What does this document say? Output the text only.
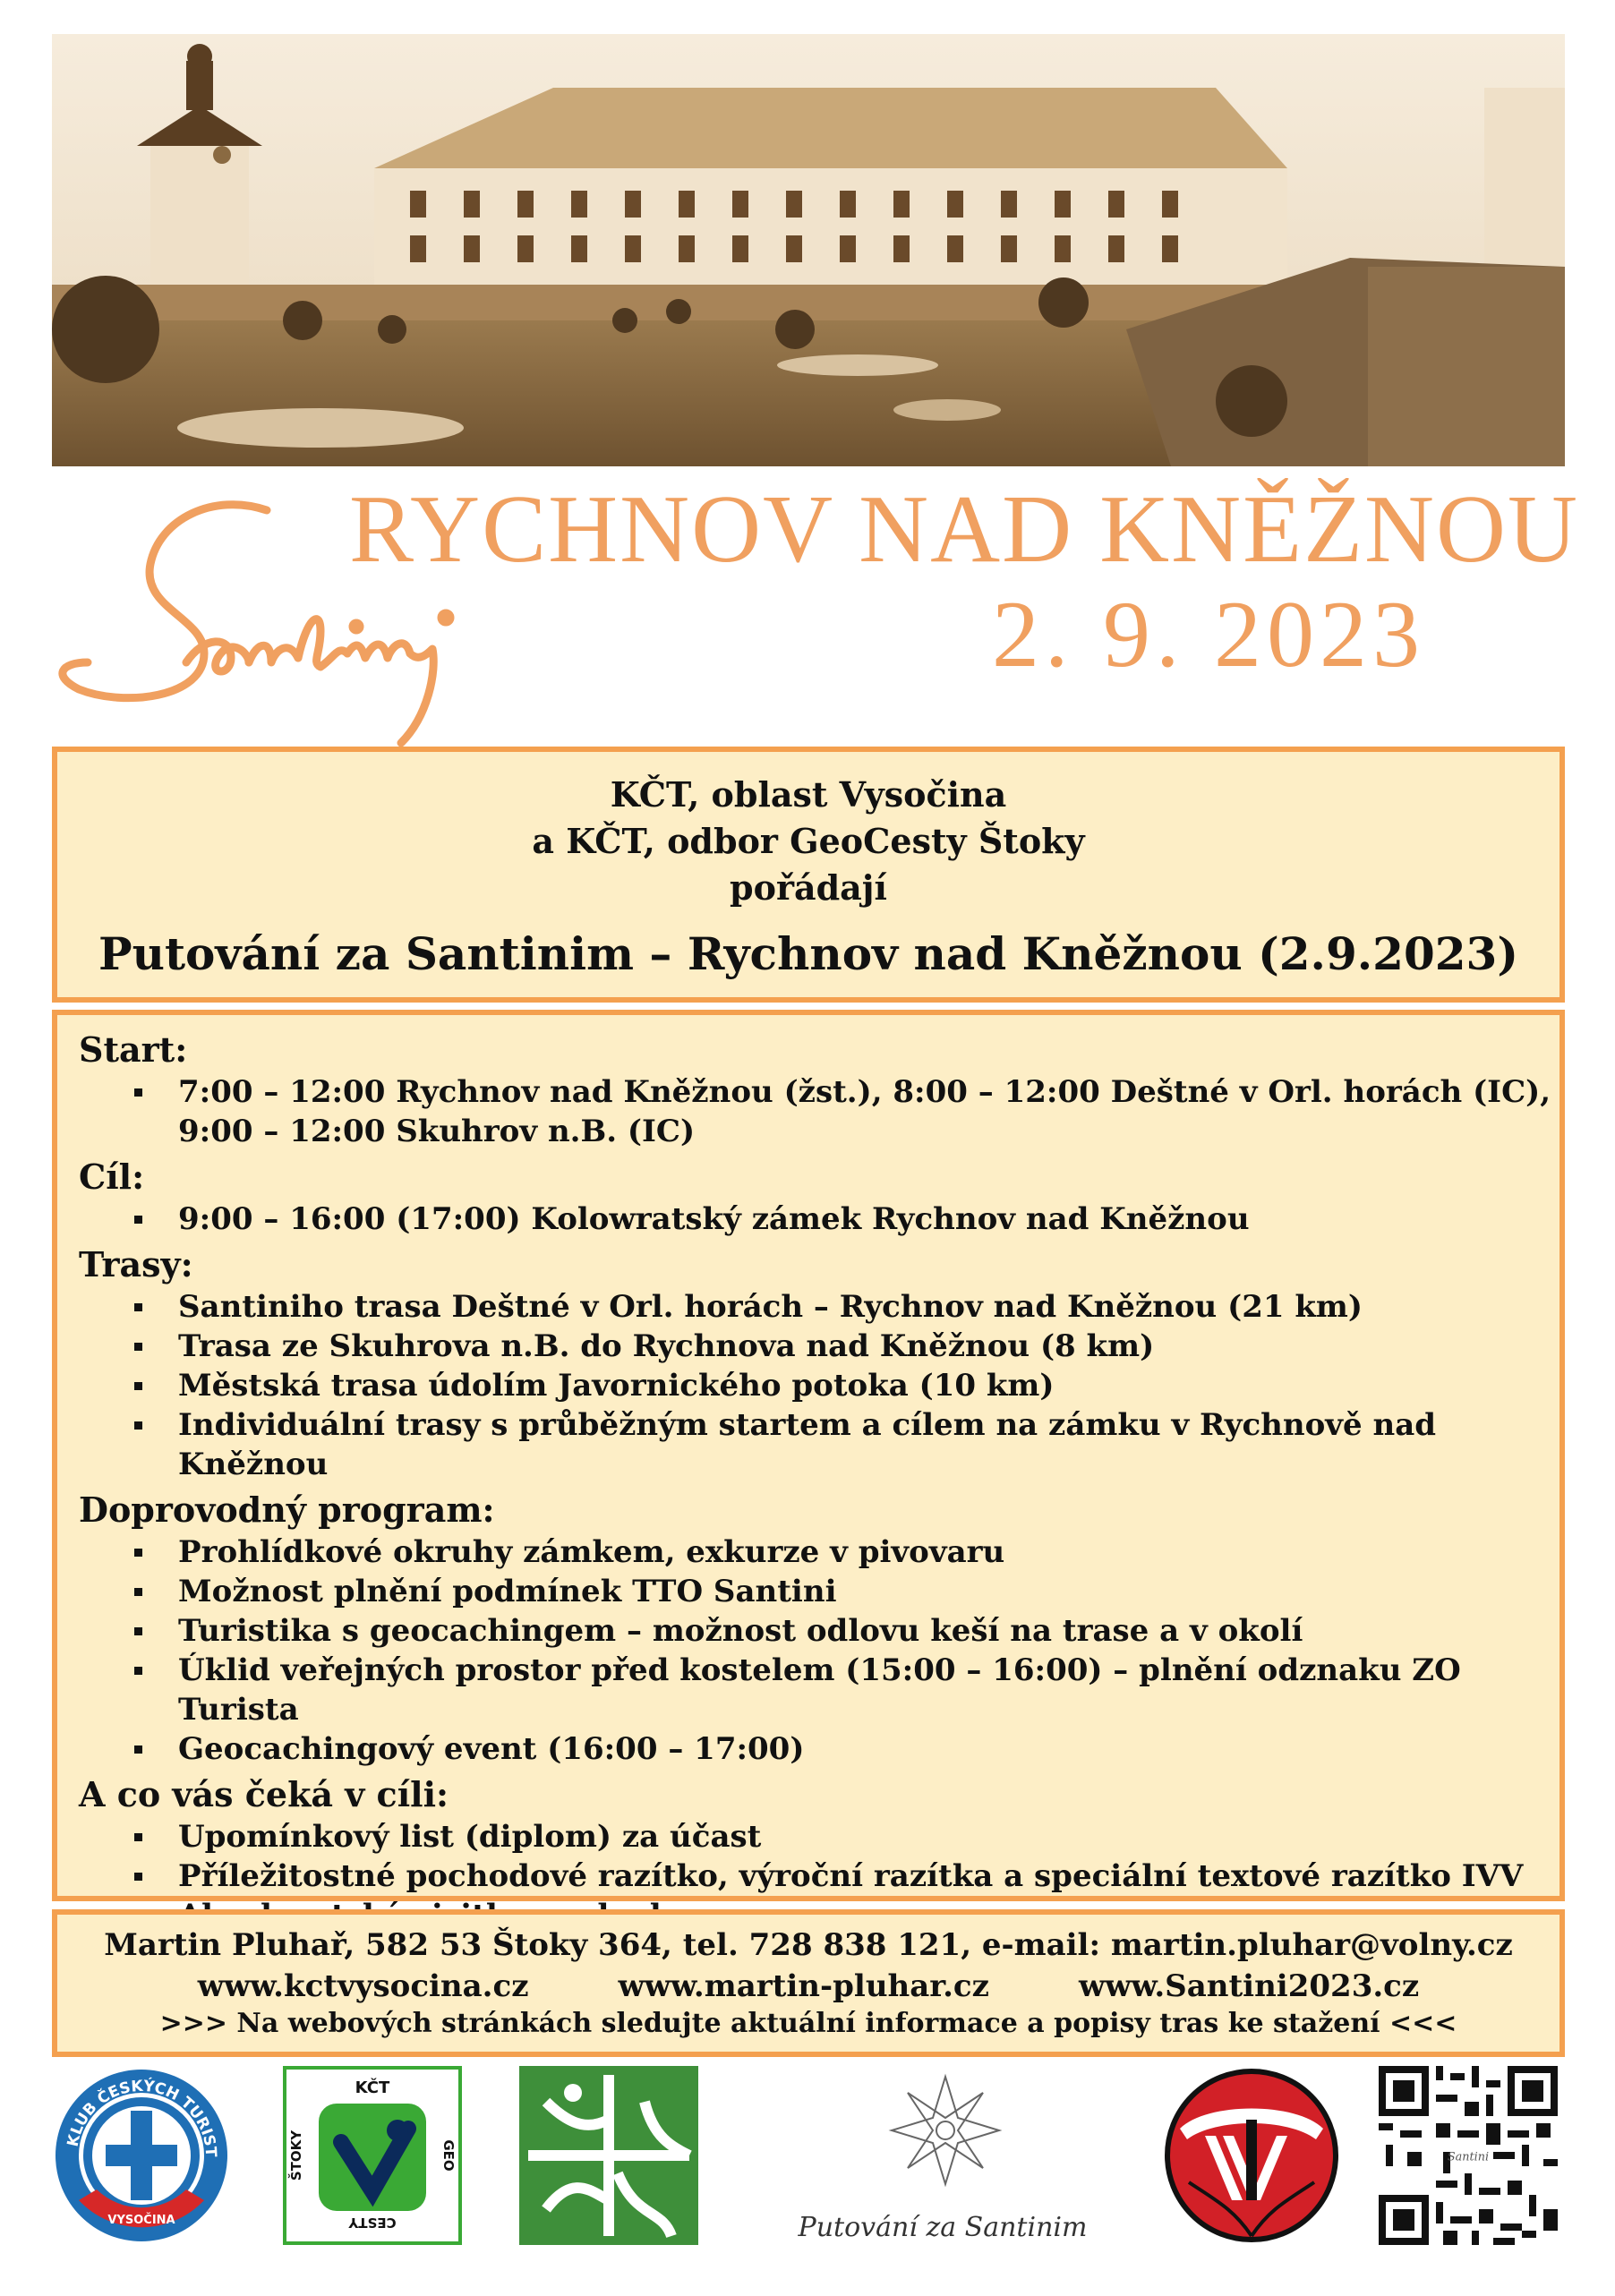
RYCHNOV NAD KNĚŽNOU
2. 9. 2023
KČT, oblast Vysočina
a KČT, odbor GeoCesty Štoky
pořádají
Putování za Santinim – Rychnov nad Kněžnou (2.9.2023)

Start:

7:00 – 12:00 Rychnov nad Kněžnou (žst.), 8:00 – 12:00 Deštné v Orl. horách (IC),
9:00 – 12:00 Skuhrov n.B. (IC)

Cíl:

9:00 – 16:00 (17:00) Kolowratský zámek Rychnov nad Kněžnou

Trasy:

Santiniho trasa Deštné v Orl. horách – Rychnov nad Kněžnou (21 km)
Trasa ze Skuhrova n.B. do Rychnova nad Kněžnou (8 km)
Městská trasa údolím Javornického potoka (10 km)
Individuální trasy s průběžným startem a cílem na zámku v Rychnově nad Kněžnou

Doprovodný program:

Prohlídkové okruhy zámkem, exkurze v pivovaru
Možnost plnění podmínek TTO Santini
Turistika s geocachingem – možnost odlovu keší na trase a v okolí
Úklid veřejných prostor před kostelem (15:00 – 16:00) – plnění odznaku ZO Turista
Geocachingový event (16:00 – 17:00)

A co vás čeká v cíli:

Upomínkový list (diplom) za účast
Příležitostné pochodové razítko, výroční razítka a speciální textové razítko IVV
Martin Pluhař, 582 53 Štoky 364, tel. 728 838 121, e-mail: martin.pluhar@volny.cz
www.kctvysocina.cz	www.martin-pluhar.cz	www.Santini2023.cz
>>> Na webových stránkách sledujte aktuální informace a popisy tras ke stažení <<<
KLUB ČESKÝCH TURIST
VYSOČINA
KČT
ŠTOKY	GEO
CESTY	Putování za Santinim
Santini
